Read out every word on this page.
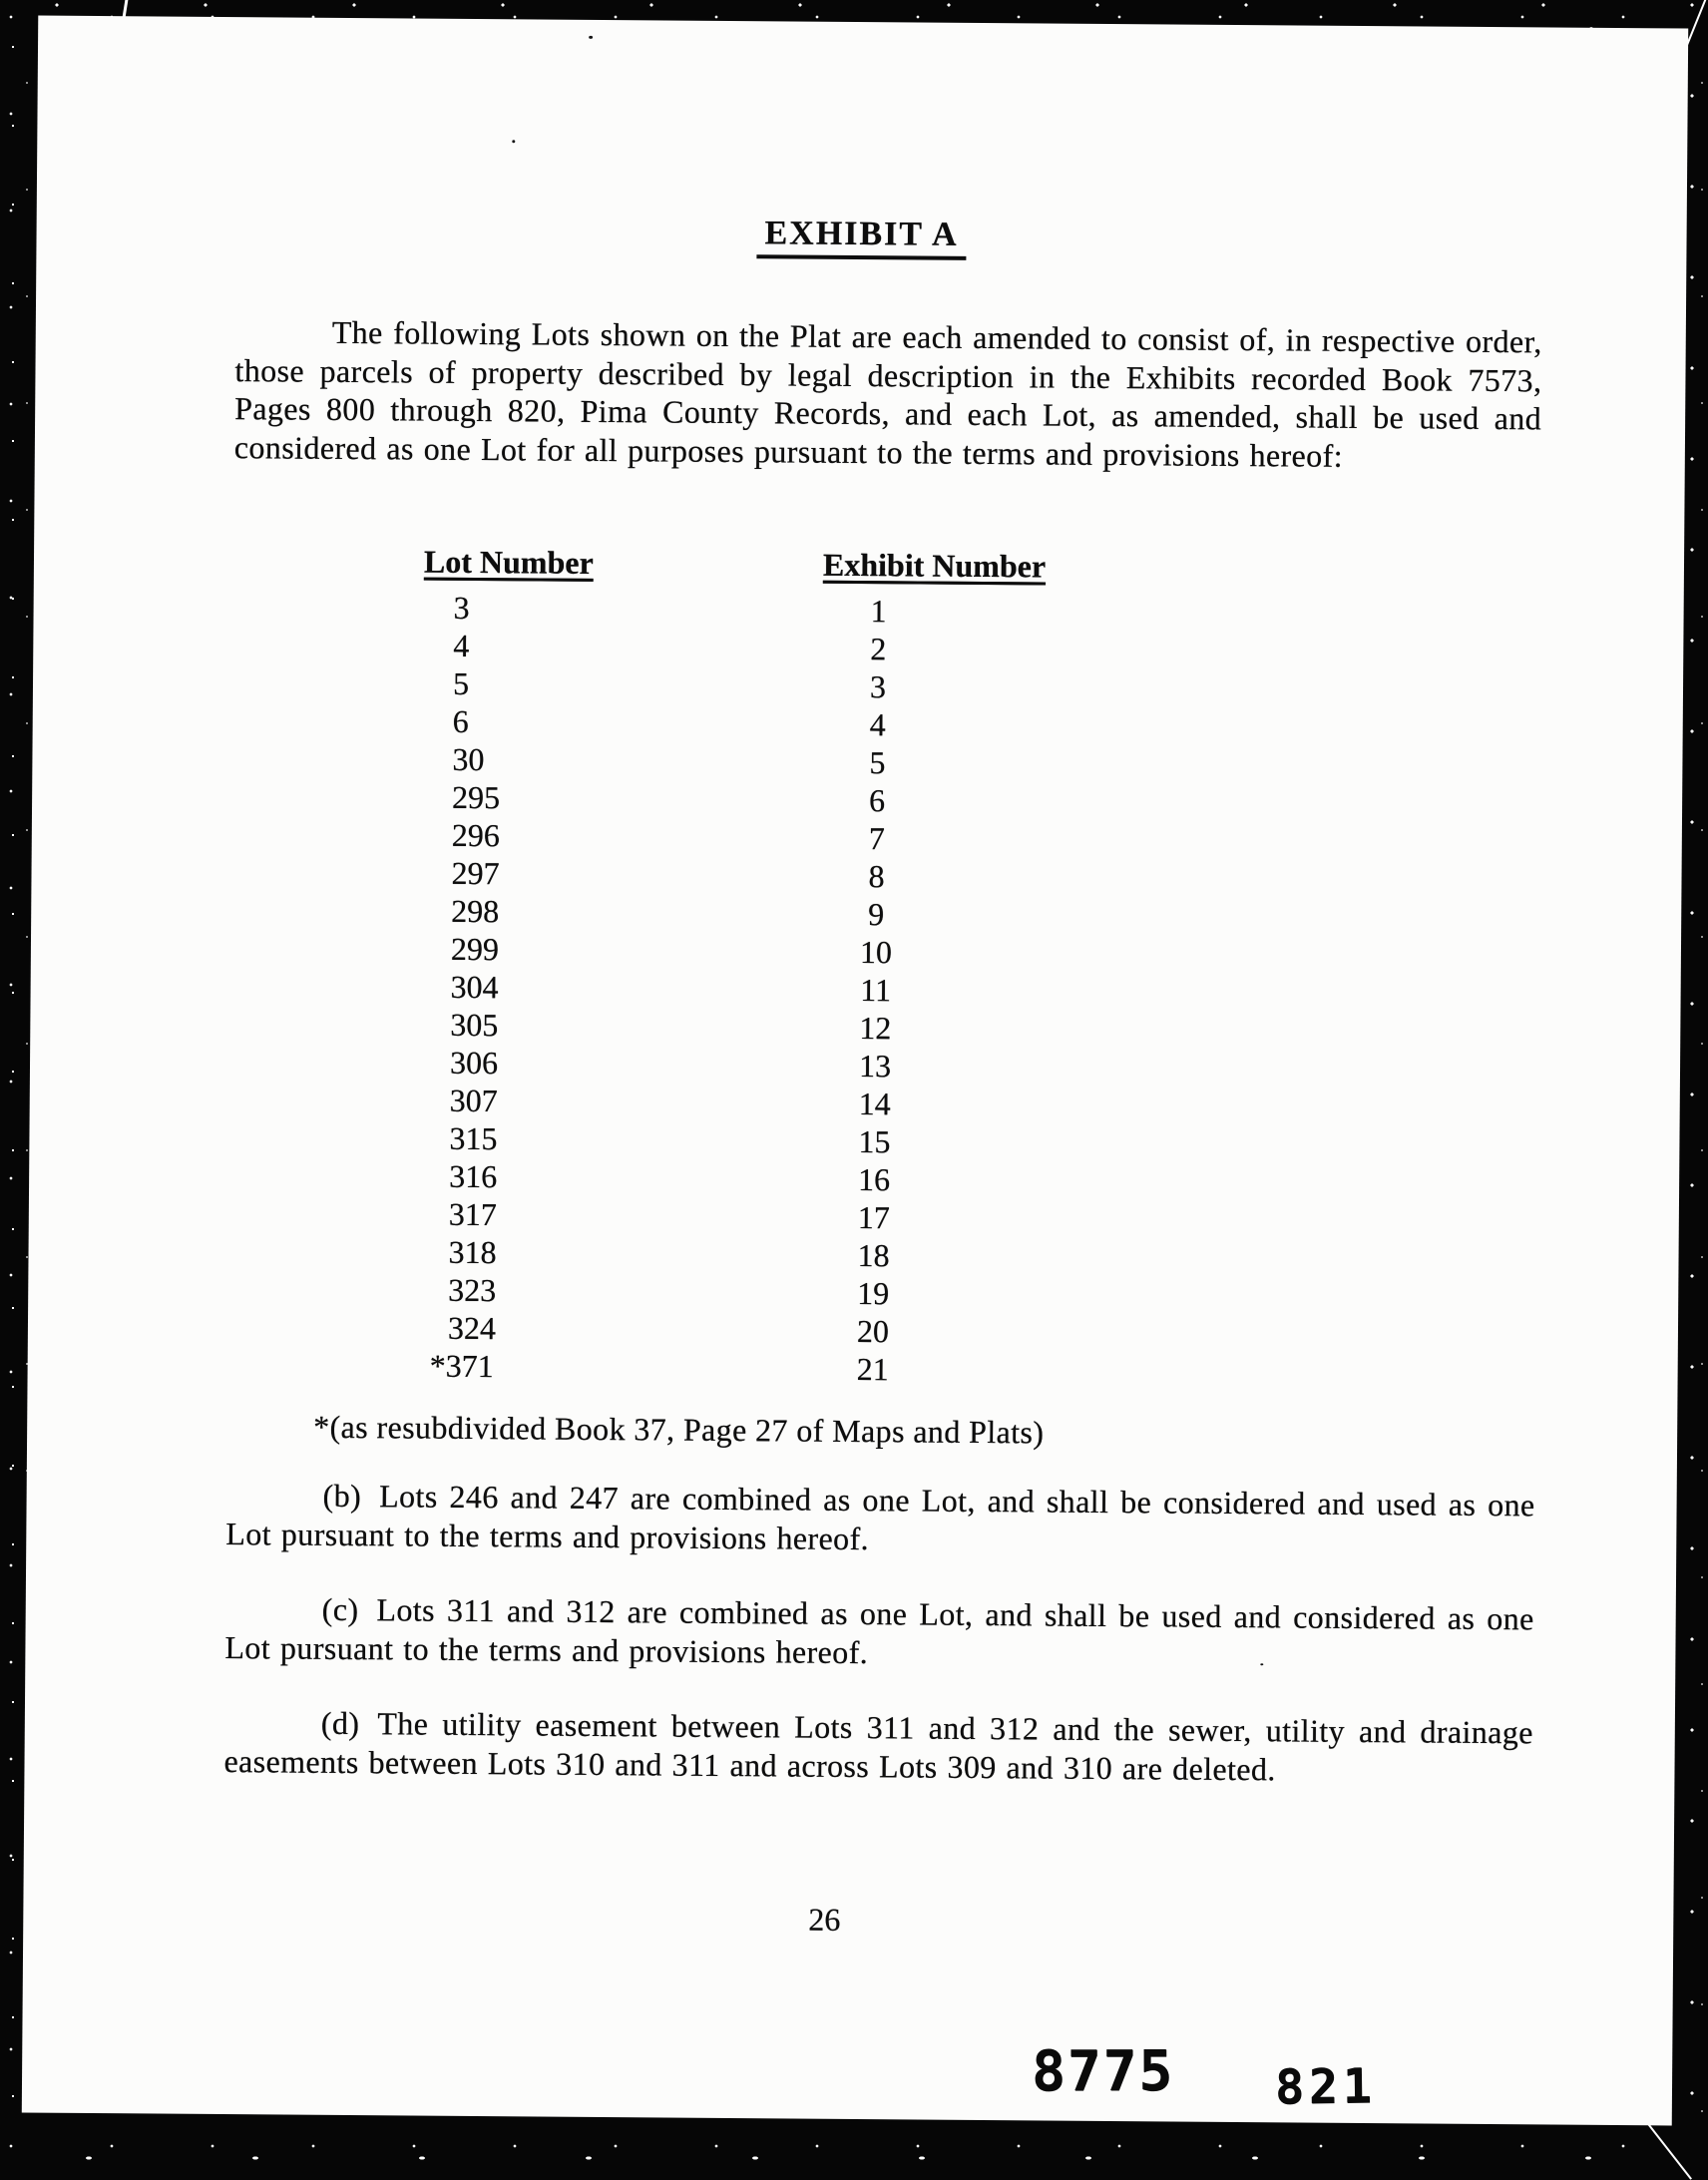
EXHIBIT A

The following Lots shown on the Plat are each amended to consist of, in respective order, those parcels of property described by legal description in the Exhibits recorded Book 7573, Pages 800 through 820, Pima County Records, and each Lot, as amended, shall be used and considered as one Lot for all purposes pursuant to the terms and provisions hereof:

Lot Number	Exhibit Number
3	1
4	2
5	3
6	4
30	5
295	6
296	7
297	8
298	9
299	10
304	11
305	12
306	13
307	14
315	15
316	16
317	17
318	18
323	19
324	20
*371	21

*(as resubdivided Book 37, Page 27 of Maps and Plats)

(b) Lots 246 and 247 are combined as one Lot, and shall be considered and used as one Lot pursuant to the terms and provisions hereof.

(c) Lots 311 and 312 are combined as one Lot, and shall be used and considered as one Lot pursuant to the terms and provisions hereof.

(d) The utility easement between Lots 311 and 312 and the sewer, utility and drainage easements between Lots 310 and 311 and across Lots 309 and 310 are deleted.

26
8775 821
